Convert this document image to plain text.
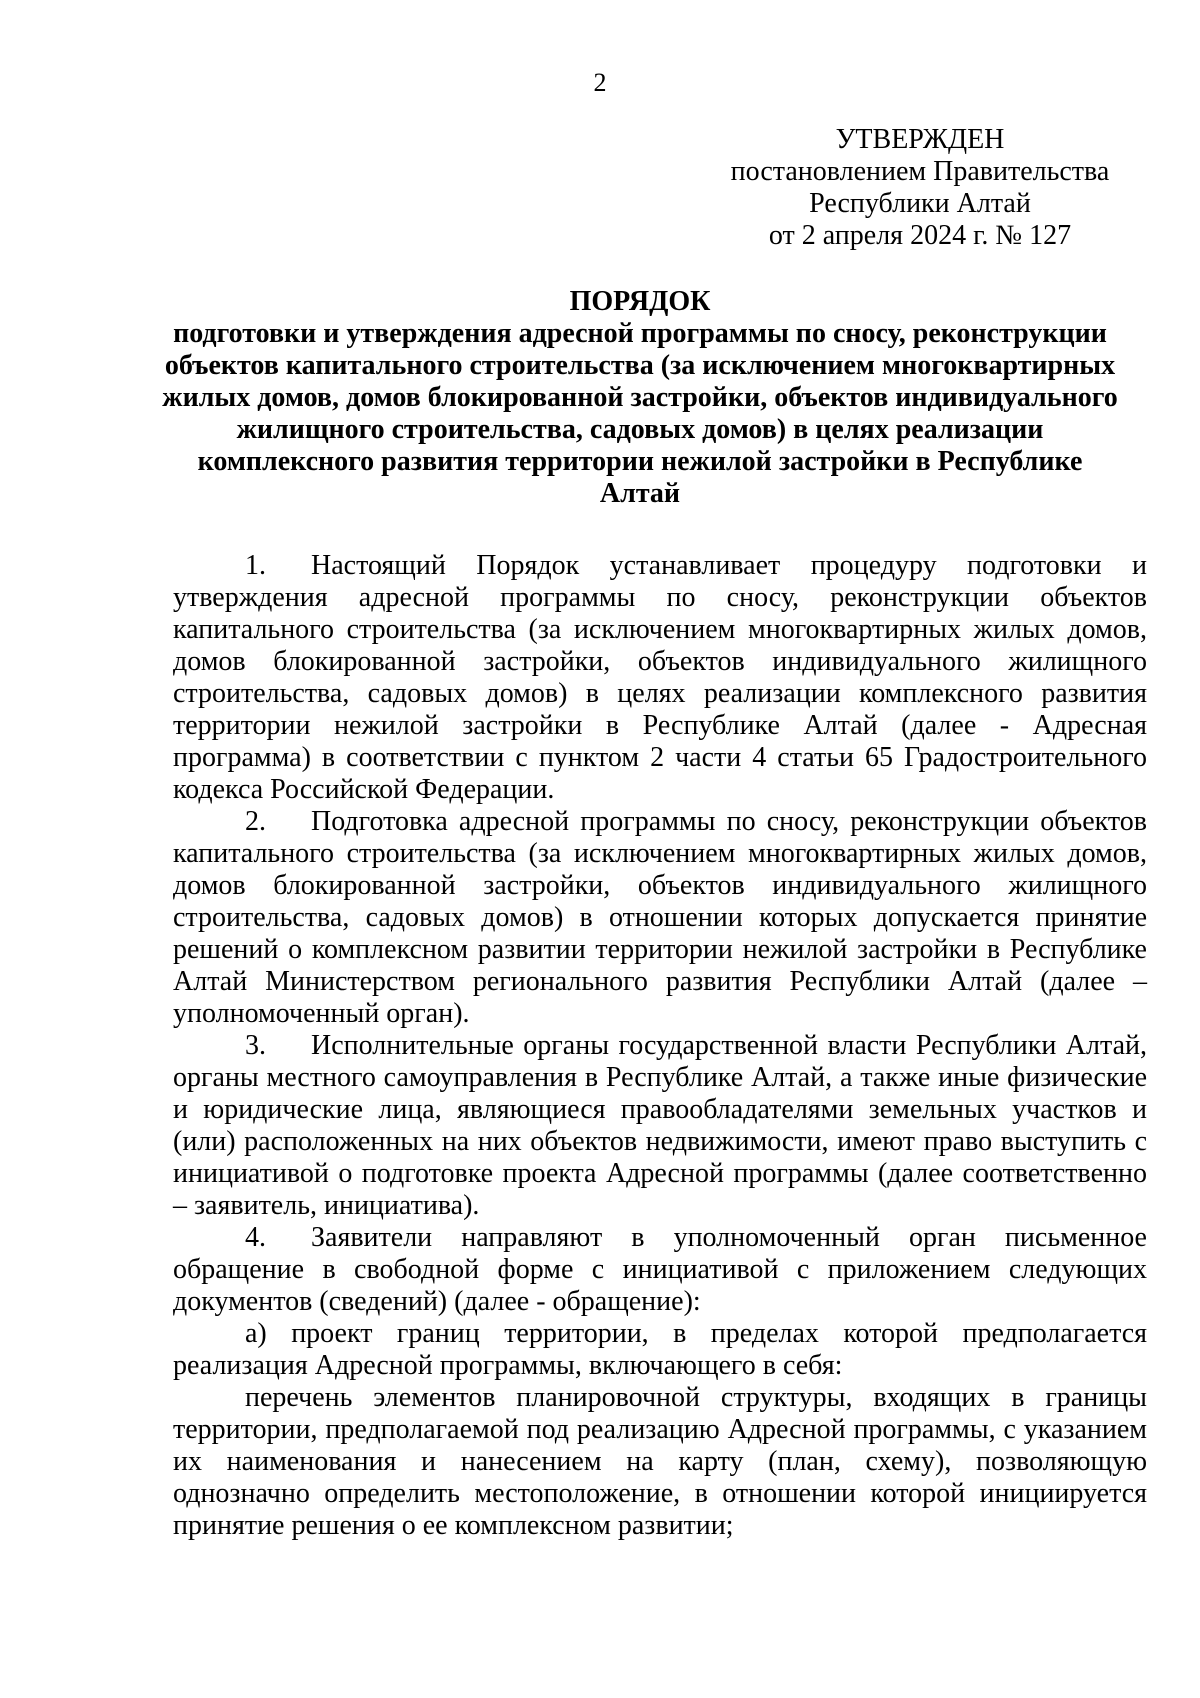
2
УТВЕРЖДЕН
постановлением Правительства
Республики Алтай
от 2 апреля 2024 г. № 127
ПОРЯДОК
подготовки и утверждения адресной программы по сносу, реконструкции объектов капитального строительства (за исключением многоквартирных жилых домов, домов блокированной застройки, объектов индивидуального жилищного строительства, садовых домов) в целях реализации комплексного развития территории нежилой застройки в Республике Алтай

1. Настоящий Порядок устанавливает процедуру подготовки и утверждения адресной программы по сносу, реконструкции объектов капитального строительства (за исключением многоквартирных жилых домов, домов блокированной застройки, объектов индивидуального жилищного строительства, садовых домов) в целях реализации комплексного развития территории нежилой застройки в Республике Алтай (далее - Адресная программа) в соответствии с пунктом 2 части 4 статьи 65 Градостроительного кодекса Российской Федерации.

2. Подготовка адресной программы по сносу, реконструкции объектов капитального строительства (за исключением многоквартирных жилых домов, домов блокированной застройки, объектов индивидуального жилищного строительства, садовых домов) в отношении которых допускается принятие решений о комплексном развитии территории нежилой застройки в Республике Алтай Министерством регионального развития Республики Алтай (далее – уполномоченный орган).

3. Исполнительные органы государственной власти Республики Алтай, органы местного самоуправления в Республике Алтай, а также иные физические и юридические лица, являющиеся правообладателями земельных участков и (или) расположенных на них объектов недвижимости, имеют право выступить с инициативой о подготовке проекта Адресной программы (далее соответственно – заявитель, инициатива).

4. Заявители направляют в уполномоченный орган письменное обращение в свободной форме с инициативой с приложением следующих документов (сведений) (далее - обращение):

а) проект границ территории, в пределах которой предполагается реализация Адресной программы, включающего в себя:

перечень элементов планировочной структуры, входящих в границы территории, предполагаемой под реализацию Адресной программы, с указанием их наименования и нанесением на карту (план, схему), позволяющую однозначно определить местоположение, в отношении которой инициируется принятие решения о ее комплексном развитии;
